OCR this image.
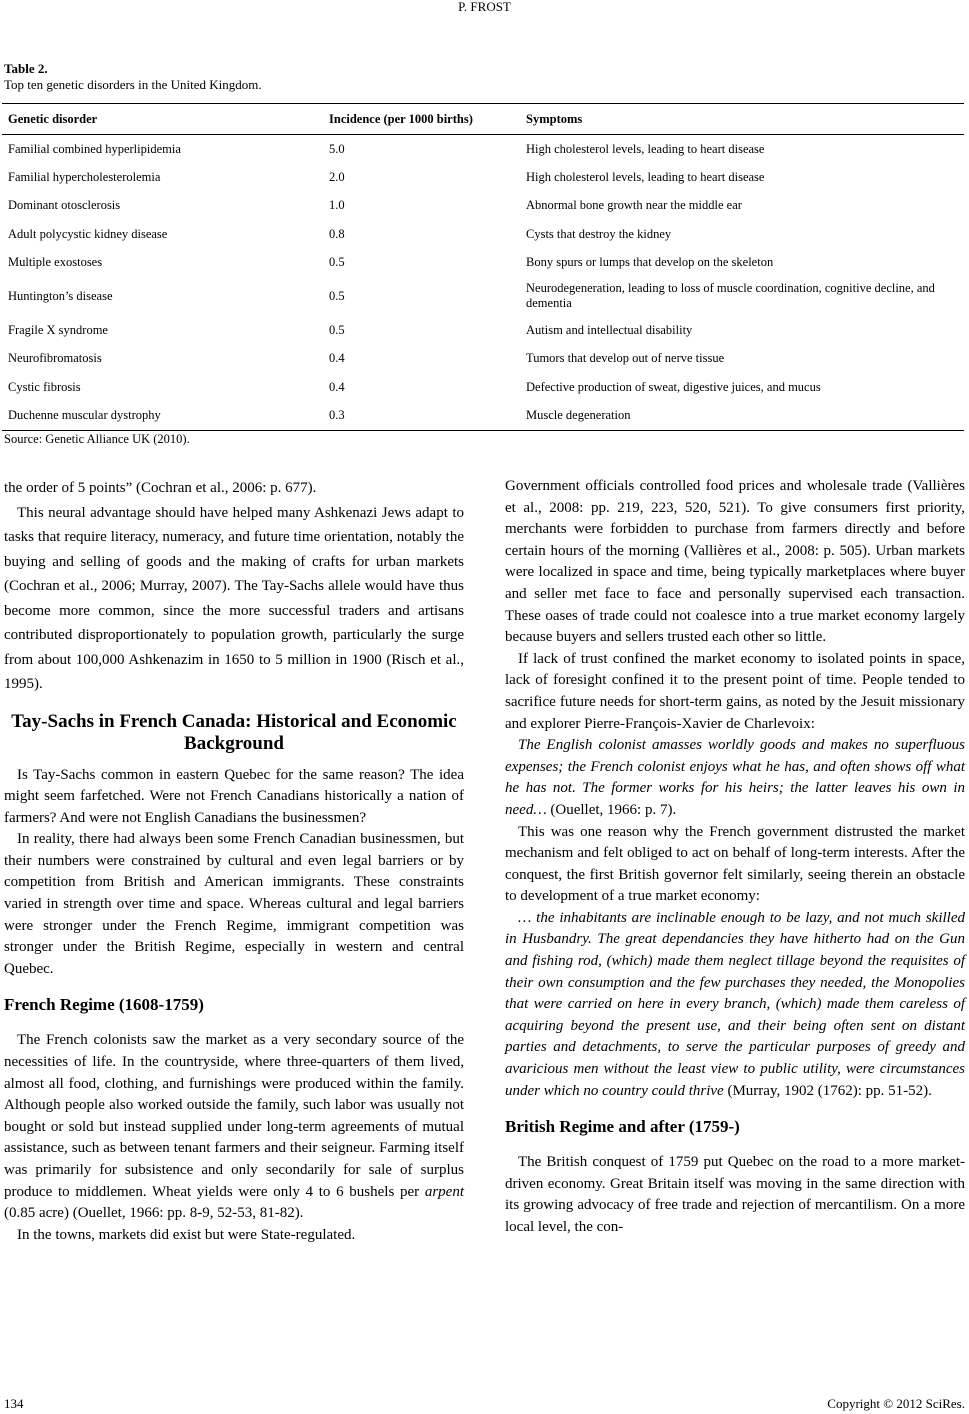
P. FROST
Table 2.
Top ten genetic disorders in the United Kingdom.
Genetic disorder	Incidence (per 1000 births)	Symptoms
Familial combined hyperlipidemia	5.0	High cholesterol levels, leading to heart disease
Familial hypercholesterolemia	2.0	High cholesterol levels, leading to heart disease
Dominant otosclerosis	1.0	Abnormal bone growth near the middle ear
Adult polycystic kidney disease	0.8	Cysts that destroy the kidney
Multiple exostoses	0.5	Bony spurs or lumps that develop on the skeleton
Huntington’s disease	0.5	Neurodegeneration, leading to loss of muscle coordination, cognitive decline, and dementia
Fragile X syndrome	0.5	Autism and intellectual disability
Neurofibromatosis	0.4	Tumors that develop out of nerve tissue
Cystic fibrosis	0.4	Defective production of sweat, digestive juices, and mucus
Duchenne muscular dystrophy	0.3	Muscle degeneration
Source: Genetic Alliance UK (2010).

the order of 5 points” (Cochran et al., 2006: p. 677).

This neural advantage should have helped many Ashkenazi Jews adapt to tasks that require literacy, numeracy, and future time orientation, notably the buying and selling of goods and the making of crafts for urban markets (Cochran et al., 2006; Murray, 2007). The Tay-Sachs allele would have thus become more common, since the more successful traders and artisans contributed disproportionately to population growth, particularly the surge from about 100,000 Ashkenazim in 1650 to 5 million in 1900 (Risch et al., 1995).

Tay-Sachs in French Canada: Historical and Economic Background

Is Tay-Sachs common in eastern Quebec for the same reason? The idea might seem farfetched. Were not French Canadians historically a nation of farmers? And were not English Canadians the businessmen?

In reality, there had always been some French Canadian businessmen, but their numbers were constrained by cultural and even legal barriers or by competition from British and American immigrants. These constraints varied in strength over time and space. Whereas cultural and legal barriers were stronger under the French Regime, immigrant competition was stronger under the British Regime, especially in western and central Quebec.

French Regime (1608-1759)

The French colonists saw the market as a very secondary source of the necessities of life. In the countryside, where three-quarters of them lived, almost all food, clothing, and furnishings were produced within the family. Although people also worked outside the family, such labor was usually not bought or sold but instead supplied under long-term agreements of mutual assistance, such as between tenant farmers and their seigneur. Farming itself was primarily for subsistence and only secondarily for sale of surplus produce to middlemen. Wheat yields were only 4 to 6 bushels per arpent (0.85 acre) (Ouellet, 1966: pp. 8-9, 52-53, 81-82).

In the towns, markets did exist but were State-regulated.

Government officials controlled food prices and wholesale trade (Vallières et al., 2008: pp. 219, 223, 520, 521). To give consumers first priority, merchants were forbidden to purchase from farmers directly and before certain hours of the morning (Vallières et al., 2008: p. 505). Urban markets were localized in space and time, being typically marketplaces where buyer and seller met face to face and personally supervised each transaction. These oases of trade could not coalesce into a true market economy largely because buyers and sellers trusted each other so little.

If lack of trust confined the market economy to isolated points in space, lack of foresight confined it to the present point of time. People tended to sacrifice future needs for short-term gains, as noted by the Jesuit missionary and explorer Pierre-François-Xavier de Charlevoix:

The English colonist amasses worldly goods and makes no superfluous expenses; the French colonist enjoys what he has, and often shows off what he has not. The former works for his heirs; the latter leaves his own in need… (Ouellet, 1966: p. 7).

This was one reason why the French government distrusted the market mechanism and felt obliged to act on behalf of long-term interests. After the conquest, the first British governor felt similarly, seeing therein an obstacle to development of a true market economy:

… the inhabitants are inclinable enough to be lazy, and not much skilled in Husbandry. The great dependancies they have hitherto had on the Gun and fishing rod, (which) made them neglect tillage beyond the requisites of their own consumption and the few purchases they needed, the Monopolies that were carried on here in every branch, (which) made them careless of acquiring beyond the present use, and their being often sent on distant parties and detachments, to serve the particular purposes of greedy and avaricious men without the least view to public utility, were circumstances under which no country could thrive (Murray, 1902 (1762): pp. 51-52).

British Regime and after (1759-)

The British conquest of 1759 put Quebec on the road to a more market-driven economy. Great Britain itself was moving in the same direction with its growing advocacy of free trade and rejection of mercantilism. On a more local level, the con-

134	Copyright © 2012 SciRes.
